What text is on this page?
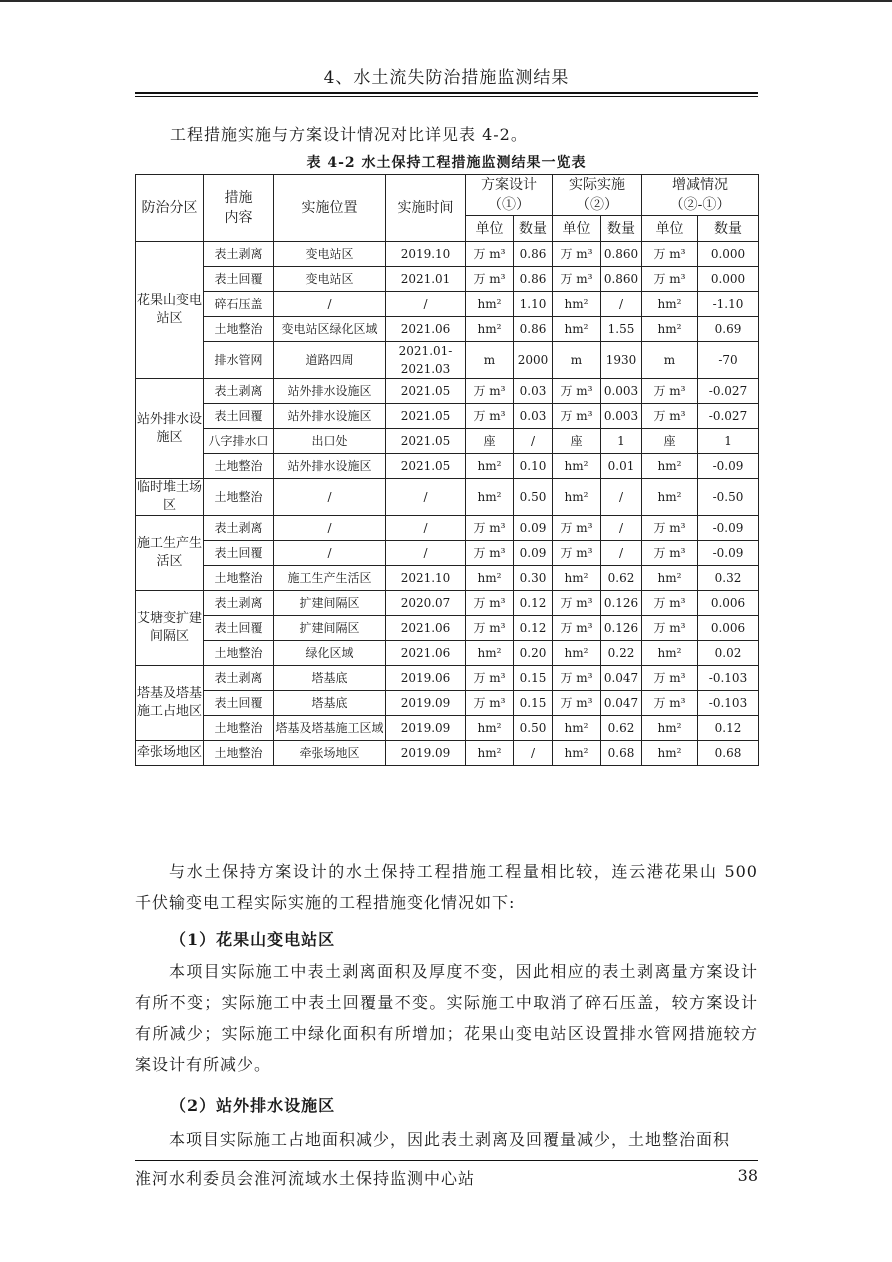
4、水土流失防治措施监测结果
工程措施实施与方案设计情况对比详见表 4-2。
表 4-2 水土保持工程措施监测结果一览表
防治分区	措施内容	实施位置	实施时间	方案设计（①）		实际实施（②）		增减情况（②-①）	
				单位	数量	单位	数量	单位	数量
花果山变电站区	表土剥离	变电站区	2019.10	万 m³	0.86	万 m³	0.860	万 m³	0.000
	表土回覆	变电站区	2021.01	万 m³	0.86	万 m³	0.860	万 m³	0.000
	碎石压盖	/	/	hm²	1.10	hm²	/	hm²	-1.10
	土地整治	变电站区绿化区域	2021.06	hm²	0.86	hm²	1.55	hm²	0.69
	排水管网	道路四周	2021.01-2021.03	m	2000	m	1930	m	-70
站外排水设施区	表土剥离	站外排水设施区	2021.05	万 m³	0.03	万 m³	0.003	万 m³	-0.027
	表土回覆	站外排水设施区	2021.05	万 m³	0.03	万 m³	0.003	万 m³	-0.027
	八字排水口	出口处	2021.05	座	/	座	1	座	1
	土地整治	站外排水设施区	2021.05	hm²	0.10	hm²	0.01	hm²	-0.09
临时堆土场区	土地整治	/	/	hm²	0.50	hm²	/	hm²	-0.50
施工生产生活区	表土剥离	/	/	万 m³	0.09	万 m³	/	万 m³	-0.09
	表土回覆	/	/	万 m³	0.09	万 m³	/	万 m³	-0.09
	土地整治	施工生产生活区	2021.10	hm²	0.30	hm²	0.62	hm²	0.32
艾塘变扩建间隔区	表土剥离	扩建间隔区	2020.07	万 m³	0.12	万 m³	0.126	万 m³	0.006
	表土回覆	扩建间隔区	2021.06	万 m³	0.12	万 m³	0.126	万 m³	0.006
	土地整治	绿化区域	2021.06	hm²	0.20	hm²	0.22	hm²	0.02
塔基及塔基施工占地区	表土剥离	塔基底	2019.06	万 m³	0.15	万 m³	0.047	万 m³	-0.103
	表土回覆	塔基底	2019.09	万 m³	0.15	万 m³	0.047	万 m³	-0.103
	土地整治	塔基及塔基施工区域	2019.09	hm²	0.50	hm²	0.62	hm²	0.12
牵张场地区	土地整治	牵张场地区	2019.09	hm²	/	hm²	0.68	hm²	0.68

与水土保持方案设计的水土保持工程措施工程量相比较，连云港花果山 500 千伏输变电工程实际实施的工程措施变化情况如下:

（1）花果山变电站区

本项目实际施工中表土剥离面积及厚度不变，因此相应的表土剥离量方案设计有所不变；实际施工中表土回覆量不变。实际施工中取消了碎石压盖，较方案设计有所减少；实际施工中绿化面积有所增加；花果山变电站区设置排水管网措施较方案设计有所减少。

（2）站外排水设施区

本项目实际施工占地面积减少，因此表土剥离及回覆量减少，土地整治面积

淮河水利委员会淮河流域水土保持监测中心站	38
